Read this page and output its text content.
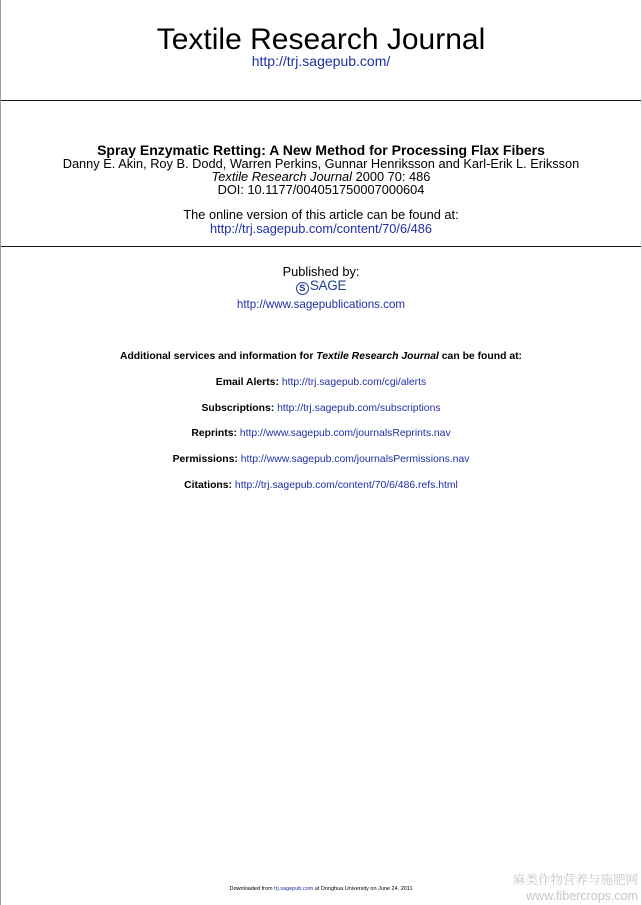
Textile Research Journal
http://trj.sagepub.com/
Spray Enzymatic Retting: A New Method for Processing Flax Fibers
Danny E. Akin, Roy B. Dodd, Warren Perkins, Gunnar Henriksson and Karl-Erik L. Eriksson
Textile Research Journal 2000 70: 486
DOI: 10.1177/004051750007000604
The online version of this article can be found at:
http://trj.sagepub.com/content/70/6/486
Published by:
S SAGE
http://www.sagepublications.com
Additional services and information for Textile Research Journal can be found at:
Email Alerts: http://trj.sagepub.com/cgi/alerts
Subscriptions: http://trj.sagepub.com/subscriptions
Reprints: http://www.sagepub.com/journalsReprints.nav
Permissions: http://www.sagepub.com/journalsPermissions.nav
Citations: http://trj.sagepub.com/content/70/6/486.refs.html
Downloaded from trj.sagepub.com at Donghua University on June 24, 2011
麻类作物营养与施肥网
www.fibercrops.com
